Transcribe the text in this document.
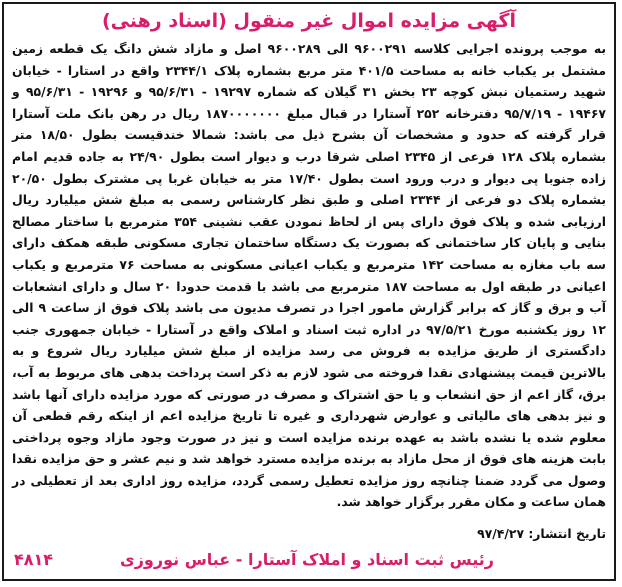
آگهی مزایده اموال غیر منقول (اسناد رهنی)

به موجب پرونده اجرایی کلاسه ۹۶۰۰۲۹۱ الی ۹۶۰۰۲۸۹ اصل و مازاد شش دانگ یک قطعه زمین مشتمل بر یکباب خانه به مساحت ۴۰۱/۵ متر مربع بشماره پلاک ۲۳۴۴/۱ واقع در استارا - خیابان شهید رستمیان نبش کوچه ۲۳ بخش ۳۱ گیلان که شماره ۱۹۲۹۷ - ۹۵/۶/۳۱ و ۱۹۲۹۶ - ۹۵/۶/۳۱ و ۱۹۴۶۷ - ۹۵/۷/۱۹ دفترخانه ۲۵۲ آستارا در قبال مبلغ ۱۸۷۰۰۰۰۰۰۰ ریال در رهن بانک ملت آستارا قرار گرفته که حدود و مشخصات آن بشرح ذیل می باشد: شمالا خندقیست بطول ۱۸/۵۰ متر بشماره پلاک ۱۲۸ فرعی از ۲۳۴۵ اصلی شرقا درب و دیوار است بطول ۲۴/۹۰ به جاده قدیم امام زاده جنوبا پی دیوار و درب ورود است بطول ۱۷/۴۰ متر به خیابان غربا پی مشترک بطول ۲۰/۵۰ بشماره پلاک دو فرعی از ۲۳۴۴ اصلی و طبق نظر کارشناس رسمی به مبلغ شش میلیارد ریال ارزیابی شده و پلاک فوق دارای پس از لحاظ نمودن عقب نشینی ۳۵۴ مترمربع با ساختار مصالح بنایی و پایان کار ساختمانی که بصورت یک دستگاه ساختمان تجاری مسکونی طبقه همکف دارای سه باب مغازه به مساحت ۱۴۲ مترمربع و یکباب اعیانی مسکونی به مساحت ۷۶ مترمربع و یکباب اعیانی در طبقه اول به مساحت ۱۸۷ مترمربع می باشد با قدمت حدودا ۲۰ سال و دارای انشعابات آب و برق و گاز که برابر گزارش مامور اجرا در تصرف مدیون می باشد پلاک فوق از ساعت ۹ الی ۱۲ روز یکشنبه مورخ ۹۷/۵/۲۱ در اداره ثبت اسناد و املاک واقع در آستارا - خیابان جمهوری جنب دادگستری از طریق مزایده به فروش می رسد مزایده از مبلغ شش میلیارد ریال شروع و به بالاترین قیمت پیشنهادی نقدا فروخته می شود لازم به ذکر است پرداخت بدهی های مربوط به آب، برق، گاز اعم از حق انشعاب و یا حق اشتراک و مصرف در صورتی که مورد مزایده دارای آنها باشد و نیز بدهی های مالیاتی و عوارض شهرداری و غیره تا تاریخ مزایده اعم از اینکه رقم قطعی آن معلوم شده یا نشده باشد به عهده برنده مزایده است و نیز در صورت وجود مازاد وجوه پرداختی بابت هزینه های فوق از محل مازاد به برنده مزایده مسترد خواهد شد و نیم عشر و حق مزایده نقدا وصول می گردد ضمنا چنانچه روز مزایده تعطیل رسمی گردد، مزایده روز اداری بعد از تعطیلی در همان ساعت و مکان مقرر برگزار خواهد شد.

تاریخ انتشار: ۹۷/۴/۲۷
رئیس ثبت اسناد و املاک آستارا - عباس نوروزی
۴۸۱۴
